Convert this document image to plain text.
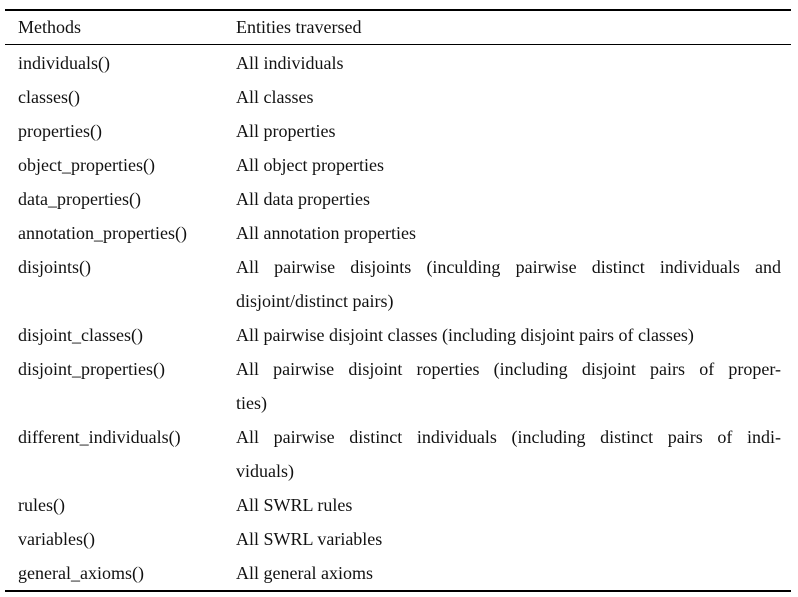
Methods	Entities traversed
individuals()	All individuals
classes()	All classes
properties()	All properties
object_properties()	All object properties
data_properties()	All data properties
annotation_properties()	All annotation properties
disjoints()	All pairwise disjoints (inculding pairwise distinct individuals and
disjoint/distinct pairs)
disjoint_classes()	All pairwise disjoint classes (including disjoint pairs of classes)
disjoint_properties()	All pairwise disjoint roperties (including disjoint pairs of proper-
ties)
different_individuals()	All pairwise distinct individuals (including distinct pairs of indi-
viduals)
rules()	All SWRL rules
variables()	All SWRL variables
general_axioms()	All general axioms
